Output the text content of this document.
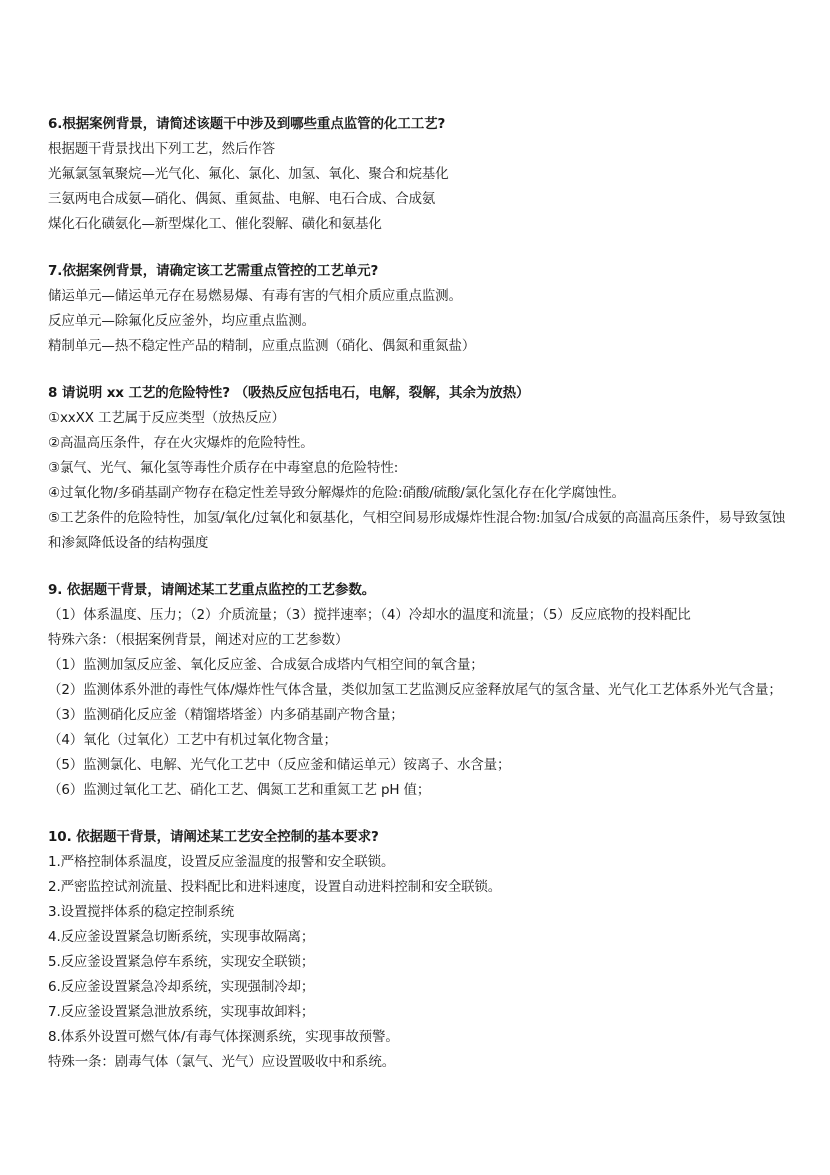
6.根据案例背景，请简述该题干中涉及到哪些重点监管的化工工艺?

根据题干背景找出下列工艺，然后作答

光氟氯氢氧聚烷—光气化、氟化、氯化、加氢、氧化、聚合和烷基化

三氨两电合成氨—硝化、偶氮、重氮盐、电解、电石合成、合成氨

煤化石化磺氨化—新型煤化工、催化裂解、磺化和氨基化

7.依据案例背景，请确定该工艺需重点管控的工艺单元?

储运单元—储运单元存在易燃易爆、有毒有害的气相介质应重点监测。

反应单元—除氟化反应釜外，均应重点监测。

精制单元—热不稳定性产品的精制，应重点监测（硝化、偶氮和重氮盐）

8 请说明 xx 工艺的危险特性? （吸热反应包括电石，电解，裂解，其余为放热）

①xxXX 工艺属于反应类型（放热反应）

②高温高压条件，存在火灾爆炸的危险特性。

③氯气、光气、氟化氢等毒性介质存在中毒窒息的危险特性:

④过氧化物/多硝基副产物存在稳定性差导致分解爆炸的危险:硝酸/硫酸/氯化氢化存在化学腐蚀性。

⑤工艺条件的危险特性，加氢/氧化/过氧化和氨基化，气相空间易形成爆炸性混合物:加氢/合成氨的高温高压条件，易导致氢蚀和渗氮降低设备的结构强度

9. 依据题干背景，请阐述某工艺重点监控的工艺参数。

（1）体系温度、压力；（2）介质流量；（3）搅拌速率；（4）冷却水的温度和流量；（5）反应底物的投料配比

特殊六条：（根据案例背景，阐述对应的工艺参数）

（1）监测加氢反应釜、氧化反应釜、合成氨合成塔内气相空间的氧含量；

（2）监测体系外泄的毒性气体/爆炸性气体含量，类似加氢工艺监测反应釜释放尾气的氢含量、光气化工艺体系外光气含量；

（3）监测硝化反应釜（精馏塔塔釜）内多硝基副产物含量；

（4）氧化（过氧化）工艺中有机过氧化物含量；

（5）监测氯化、电解、光气化工艺中（反应釜和储运单元）铵离子、水含量；

（6）监测过氧化工艺、硝化工艺、偶氮工艺和重氮工艺 pH 值；

10. 依据题干背景，请阐述某工艺安全控制的基本要求?

1.严格控制体系温度，设置反应釜温度的报警和安全联锁。

2.严密监控试剂流量、投料配比和进料速度，设置自动进料控制和安全联锁。

3.设置搅拌体系的稳定控制系统

4.反应釜设置紧急切断系统，实现事故隔离；

5.反应釜设置紧急停车系统，实现安全联锁；

6.反应釜设置紧急冷却系统，实现强制冷却；

7.反应釜设置紧急泄放系统，实现事故卸料；

8.体系外设置可燃气体/有毒气体探测系统，实现事故预警。

特殊一条：剧毒气体（氯气、光气）应设置吸收中和系统。
